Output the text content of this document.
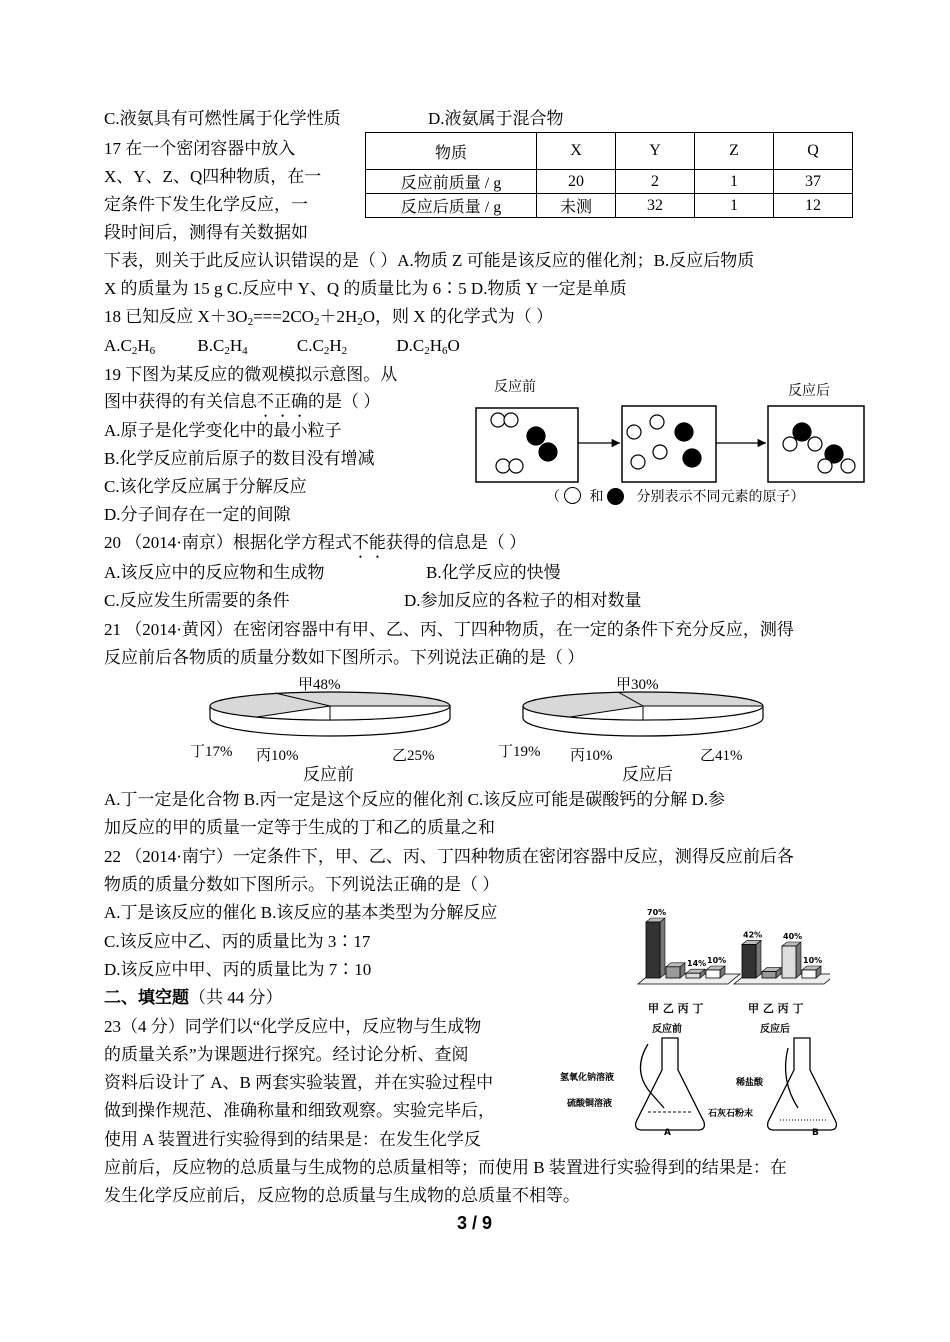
C.液氨具有可燃性属于化学性质	D.液氨属于混合物
17 在一个密闭容器中放入
X、Y、Z、Q四种物质，在一
定条件下发生化学反应，一
段时间后，测得有关数据如
下表，则关于此反应认识错误的是（ ）A.物质 Z 可能是该反应的催化剂；B.反应后物质
X 的质量为 15 g C.反应中 Y、Q 的质量比为 6∶5 D.物质 Y 一定是单质
物质	X	Y	Z	Q
反应前质量 / g	20	2	1	37
反应后质量 / g	未测	32	1	12
18 已知反应 $X+3O_2===2CO_2+2H_2O$，则 X 的化学式为（ ）
$A.C_2H_6$ $B.C_2H_4$	$C.C_2H_2$	$D.C_2H_6O$
19 下图为某反应的微观模拟示意图。从
图中获得的有关信息不正确的是（ ）
A.原子是化学变化中的最小粒子
B.化学反应前后原子的数目没有增减
C.该化学反应属于分解反应
D.分子间存在一定的间隙
反应前	反应后
（ 和 分别表示不同元素的原子）
20 （2014·南京）根据化学方程式不能获得的信息是（ ）
A.该反应中的反应物和生成物	B.化学反应的快慢
C.反应发生所需要的条件	D.参加反应的各粒子的相对数量
21 （2014·黄冈）在密闭容器中有甲、乙、丙、丁四种物质，在一定的条件下充分反应，测得
反应前后各物质的质量分数如下图所示。下列说法正确的是（ ）
甲48%
丁17% 丙10%	乙25%
反应前
甲30%
丁19% 丙10%	乙41%
反应后
A.丁一定是化合物 B.丙一定是这个反应的催化剂 C.该反应可能是碳酸钙的分解 D.参
加反应的甲的质量一定等于生成的丁和乙的质量之和
22 （2014·南宁）一定条件下，甲、乙、丙、丁四种物质在密闭容器中反应，测得反应前后各
物质的质量分数如下图所示。下列说法正确的是（ ）
A.丁是该反应的催化 B.该反应的基本类型为分解反应
C.该反应中乙、丙的质量比为 3∶17
D.该反应中甲、丙的质量比为 7∶10
70%
14% 10%
42%	40%
10%
甲 乙 丙 丁	甲 乙 丙 丁
反应前	反应后
二、填空题（共 44 分）
23（4 分）同学们以“化学反应中，反应物与生成物
的质量关系”为课题进行探究。经讨论分析、查阅
资料后设计了 A、B 两套实验装置，并在实验过程中
做到操作规范、准确称量和细致观察。实验完毕后，
使用 A 装置进行实验得到的结果是：在发生化学反
应前后，反应物的总质量与生成物的总质量相等；而使用 B 装置进行实验得到的结果是：在
发生化学反应前后，反应物的总质量与生成物的总质量不相等。
氢氧化钠溶液
硫酸铜溶液
稀盐酸
石灰石粉末
A	B
3 / 9
